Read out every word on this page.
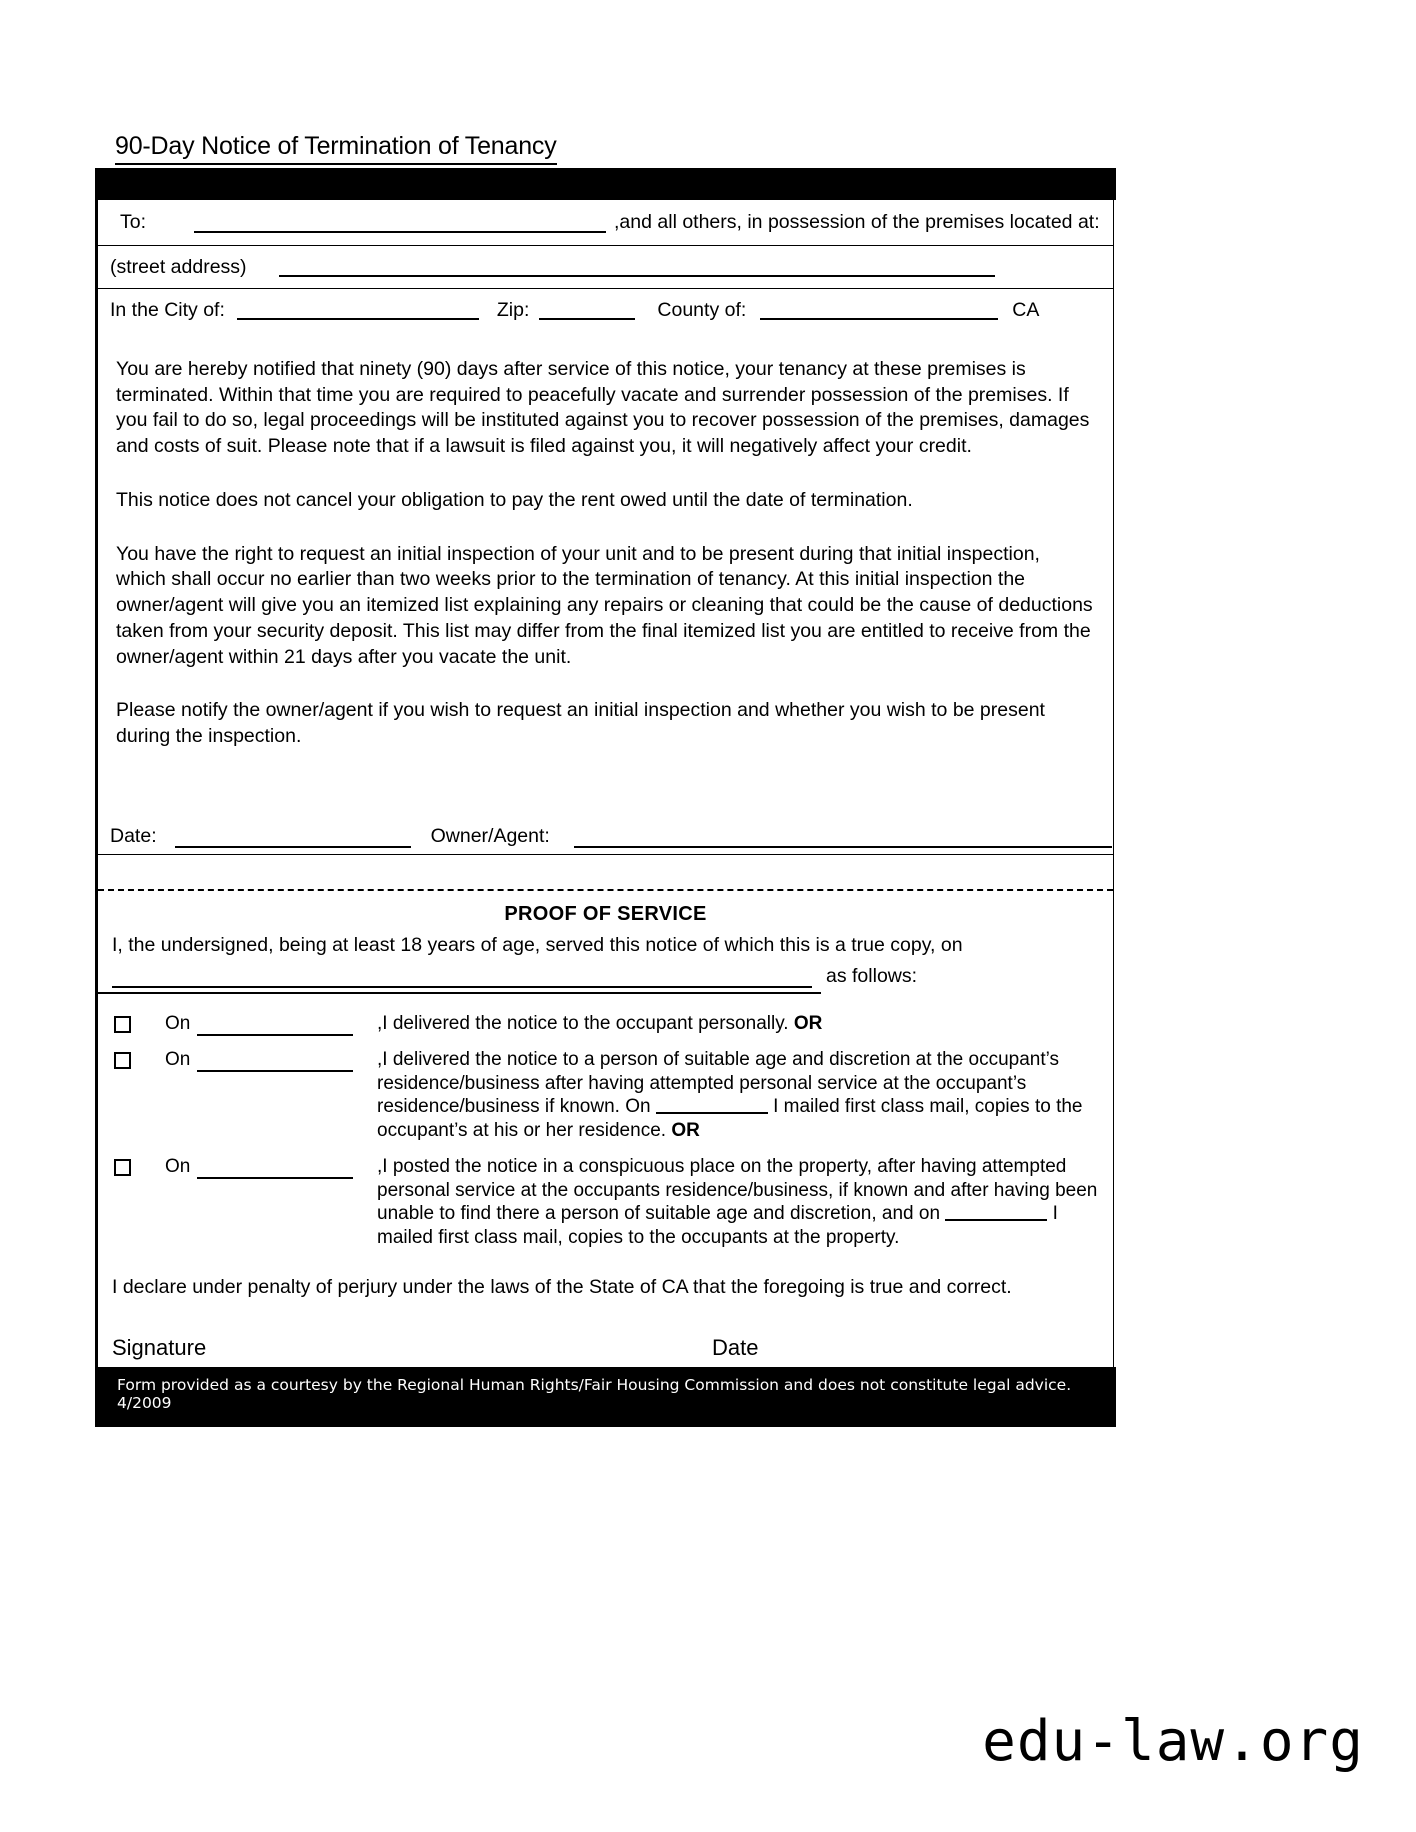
90-Day Notice of Termination of Tenancy
To:	,and all others, in possession of the premises located at:
(street address)
In the City of:	Zip:	County of:	CA

You are hereby notified that ninety (90) days after service of this notice, your tenancy at these premises is terminated. Within that time you are required to peacefully vacate and surrender possession of the premises. If you fail to do so, legal proceedings will be instituted against you to recover possession of the premises, damages and costs of suit. Please note that if a lawsuit is filed against you, it will negatively affect your credit.

This notice does not cancel your obligation to pay the rent owed until the date of termination.

You have the right to request an initial inspection of your unit and to be present during that initial inspection, which shall occur no earlier than two weeks prior to the termination of tenancy. At this initial inspection the owner/agent will give you an itemized list explaining any repairs or cleaning that could be the cause of deductions taken from your security deposit. This list may differ from the final itemized list you are entitled to receive from the owner/agent within 21 days after you vacate the unit.

Please notify the owner/agent if you wish to request an initial inspection and whether you wish to be present during the inspection.

Date:	Owner/Agent:
PROOF OF SERVICE
I, the undersigned, being at least 18 years of age, served this notice of which this is a true copy, on
as follows:
On	,I delivered the notice to the occupant personally. OR
On	,I delivered the notice to a person of suitable age and discretion at the occupant’s residence/business after having attempted personal service at the occupant’s residence/business if known. On	I mailed first class mail, copies to the occupant’s at his or her residence. OR
On	,I posted the notice in a conspicuous place on the property, after having attempted personal service at the occupants residence/business, if known and after having been unable to find there a person of suitable age and discretion, and on	I mailed first class mail, copies to the occupants at the property.
I declare under penalty of perjury under the laws of the State of CA that the foregoing is true and correct.
Signature	Date
Form provided as a courtesy by the Regional Human Rights/Fair Housing Commission and does not constitute legal advice. 4/2009
edu-law.org
